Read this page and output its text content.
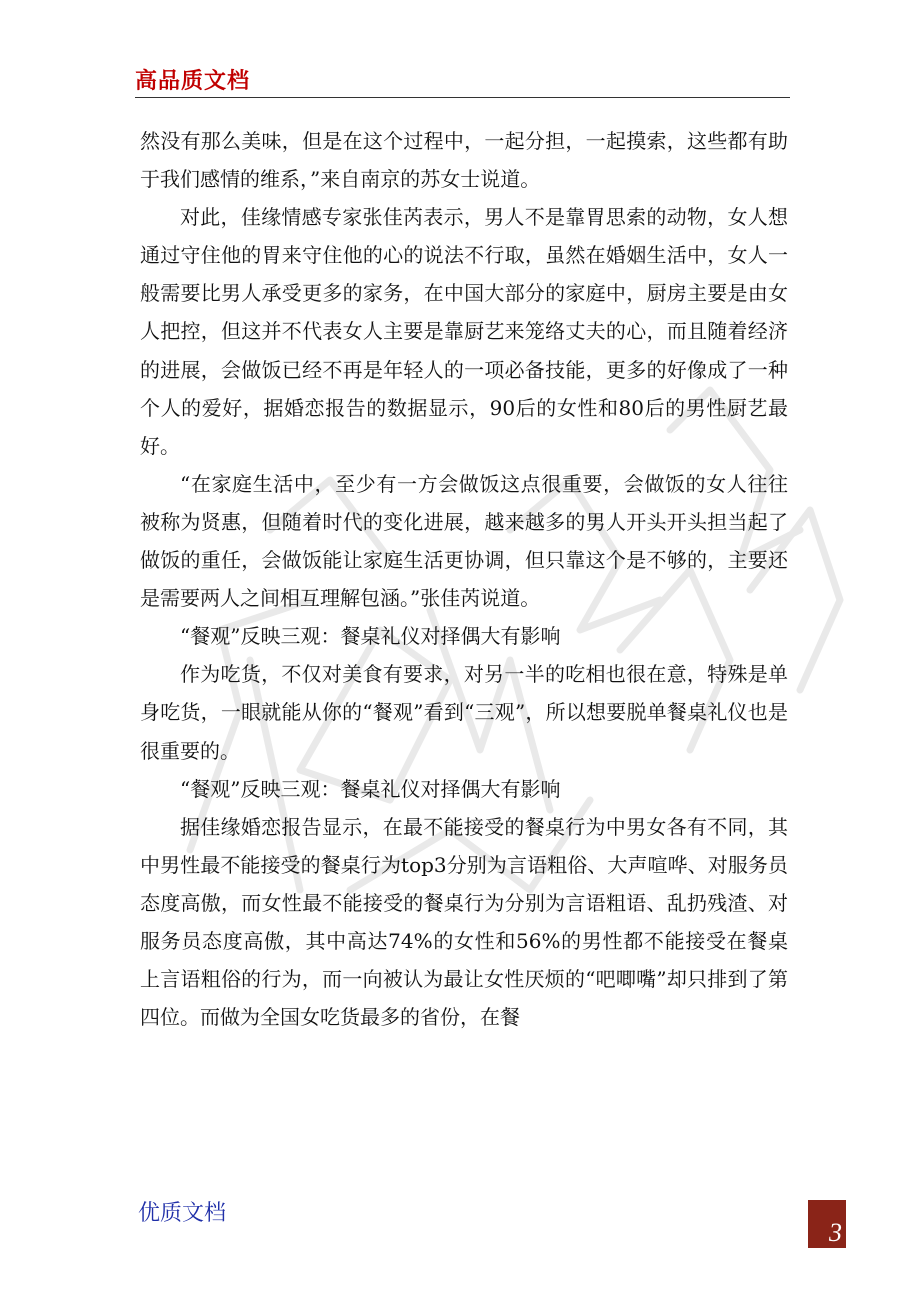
高品质文档

然没有那么美味，但是在这个过程中，一起分担，一起摸索，这些都有助于我们感情的维系，”来自南京的苏女士说道。

对此，佳缘情感专家张佳芮表示，男人不是靠胃思索的动物，女人想通过守住他的胃来守住他的心的说法不行取，虽然在婚姻生活中，女人一般需要比男人承受更多的家务，在中国大部分的家庭中，厨房主要是由女人把控，但这并不代表女人主要是靠厨艺来笼络丈夫的心，而且随着经济的进展，会做饭已经不再是年轻人的一项必备技能，更多的好像成了一种个人的爱好，据婚恋报告的数据显示，90后的女性和80后的男性厨艺最好。

“在家庭生活中，至少有一方会做饭这点很重要，会做饭的女人往往被称为贤惠，但随着时代的变化进展，越来越多的男人开头开头担当起了做饭的重任，会做饭能让家庭生活更协调，但只靠这个是不够的，主要还是需要两人之间相互理解包涵。”张佳芮说道。

“餐观”反映三观：餐桌礼仪对择偶大有影响

作为吃货，不仅对美食有要求，对另一半的吃相也很在意，特殊是单身吃货，一眼就能从你的“餐观”看到“三观”，所以想要脱单餐桌礼仪也是很重要的。

“餐观”反映三观：餐桌礼仪对择偶大有影响

据佳缘婚恋报告显示，在最不能接受的餐桌行为中男女各有不同，其中男性最不能接受的餐桌行为top3分别为言语粗俗、大声喧哗、对服务员态度高傲，而女性最不能接受的餐桌行为分别为言语粗语、乱扔残渣、对服务员态度高傲，其中高达74%的女性和56%的男性都不能接受在餐桌上言语粗俗的行为，而一向被认为最让女性厌烦的“吧唧嘴”却只排到了第四位。而做为全国女吃货最多的省份，在餐

优质文档
3
